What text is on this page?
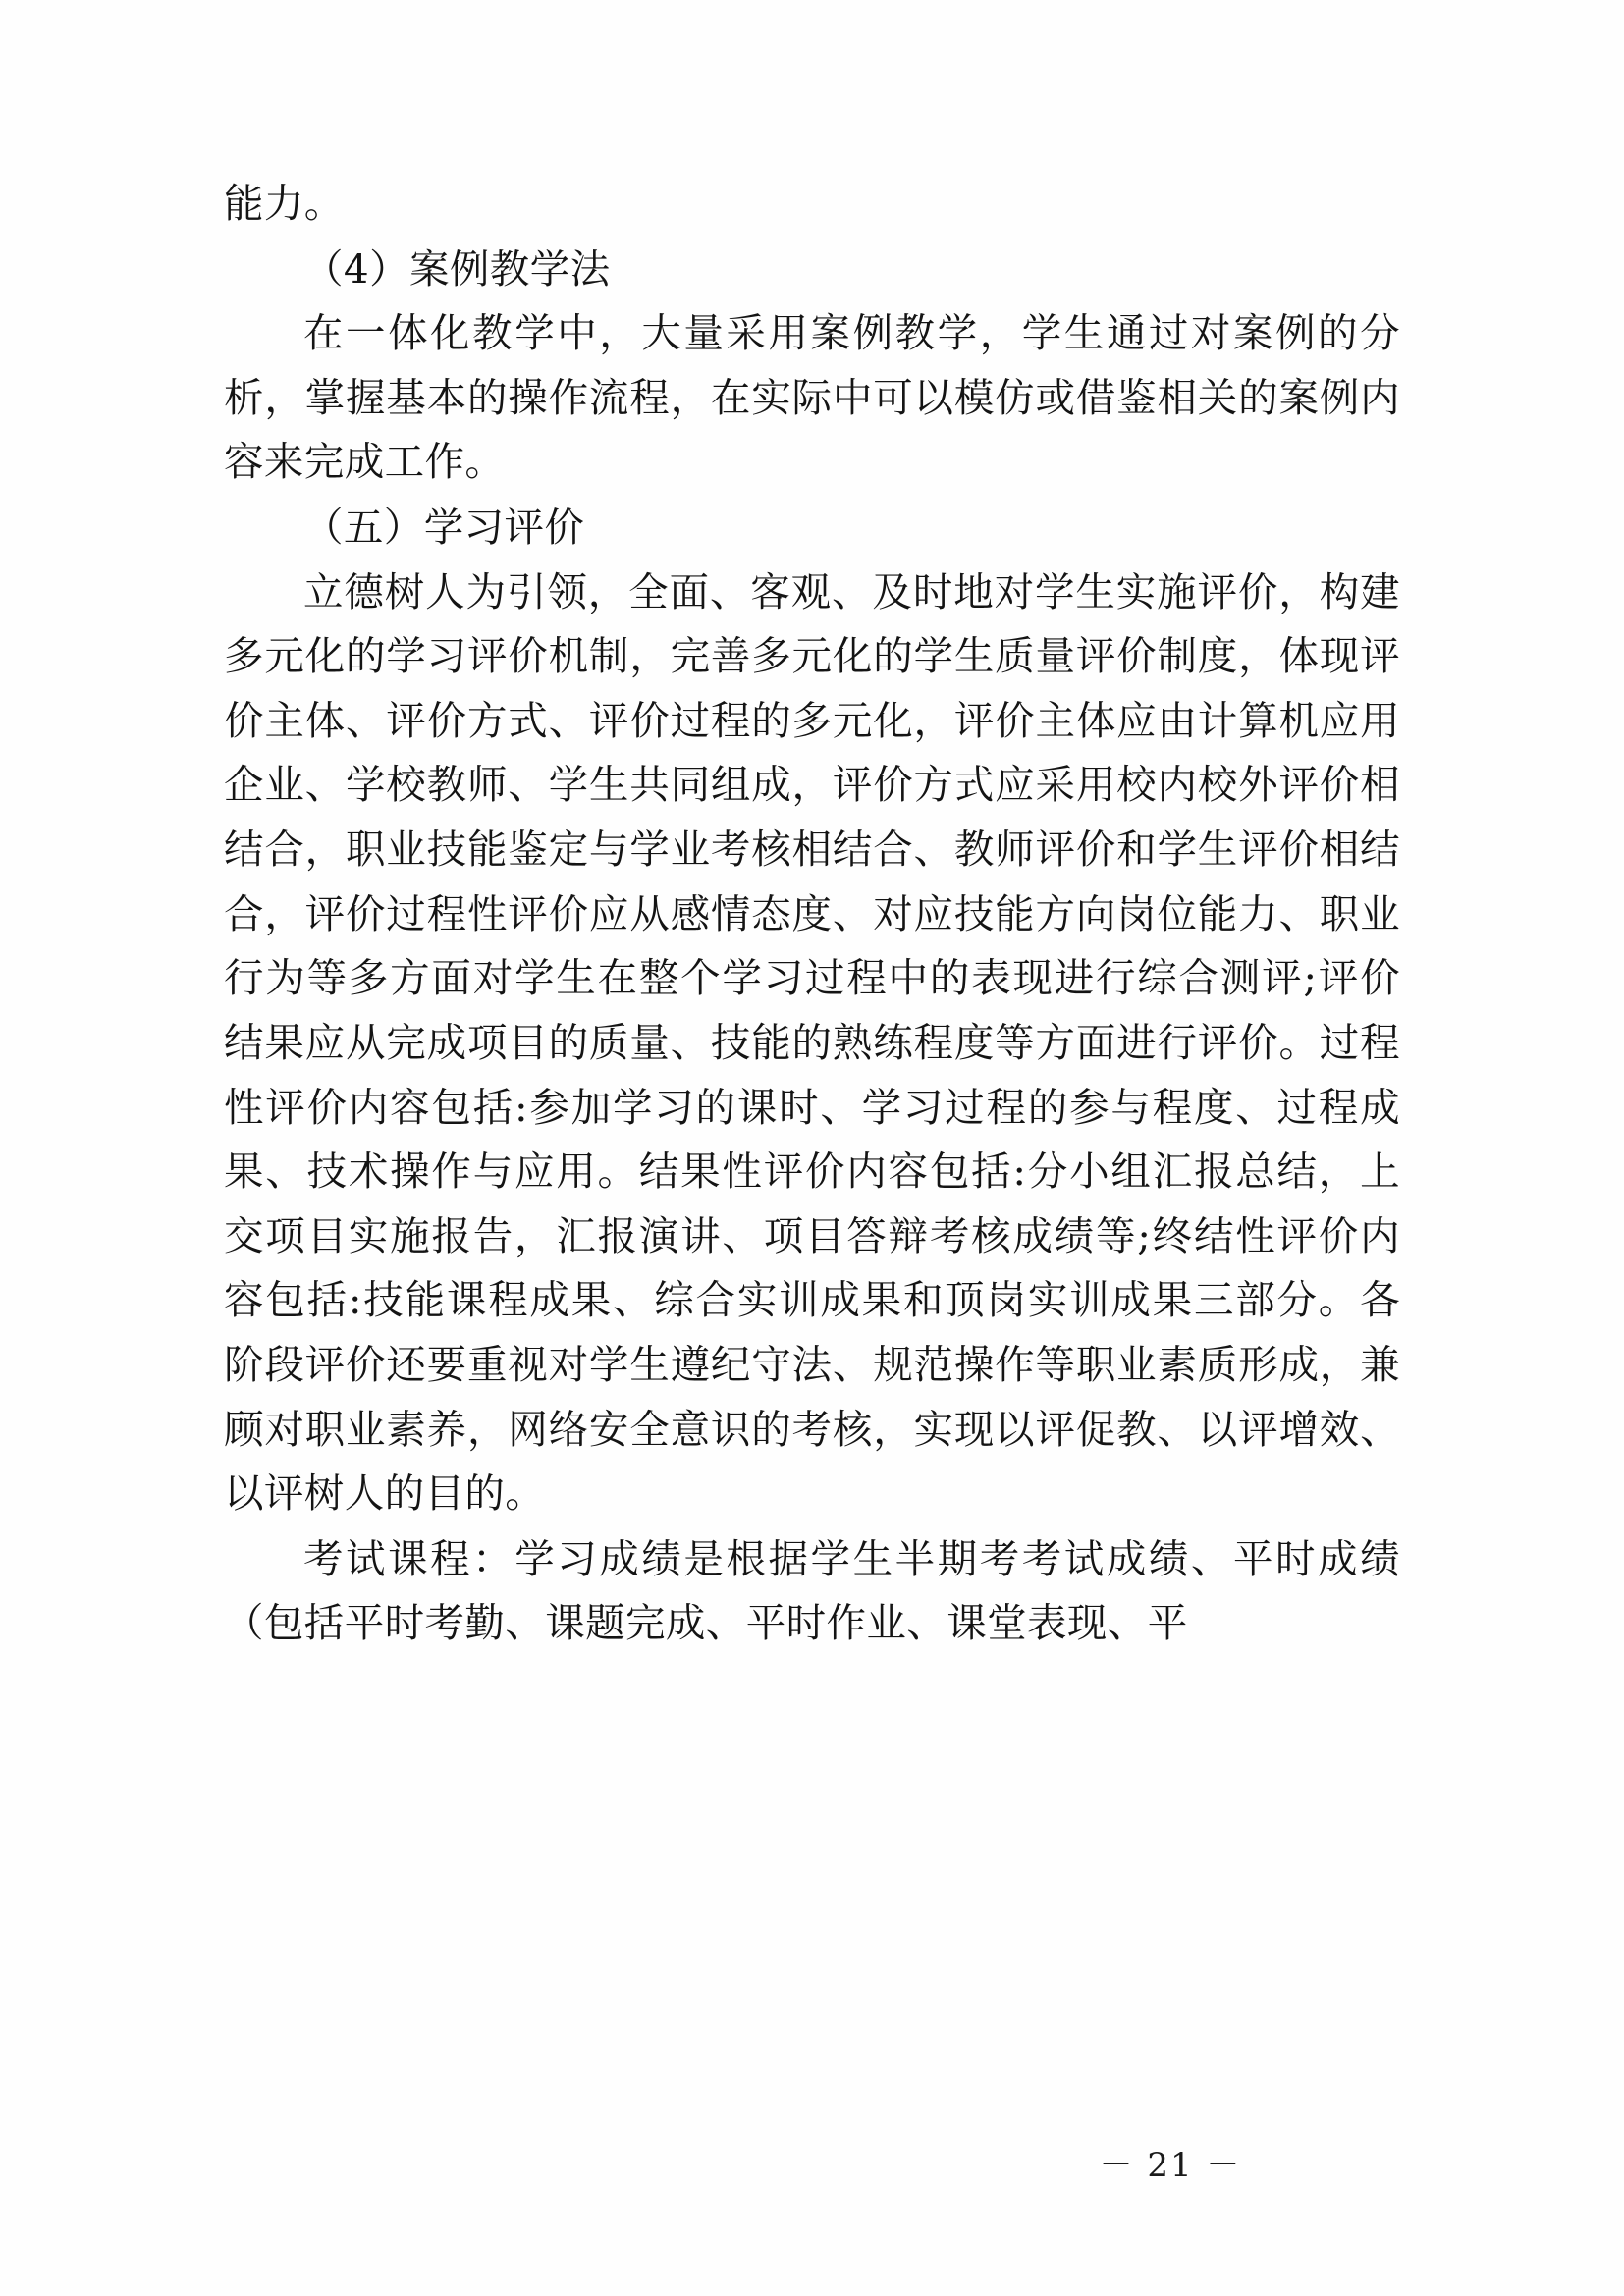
能力。

（4）案例教学法

在一体化教学中，大量采用案例教学，学生通过对案例的分析，掌握基本的操作流程，在实际中可以模仿或借鉴相关的案例内容来完成工作。

（五）学习评价

立德树人为引领，全面、客观、及时地对学生实施评价，构建多元化的学习评价机制，完善多元化的学生质量评价制度，体现评价主体、评价方式、评价过程的多元化，评价主体应由计算机应用企业、学校教师、学生共同组成，评价方式应采用校内校外评价相结合，职业技能鉴定与学业考核相结合、教师评价和学生评价相结合，评价过程性评价应从感情态度、对应技能方向岗位能力、职业行为等多方面对学生在整个学习过程中的表现进行综合测评;评价结果应从完成项目的质量、技能的熟练程度等方面进行评价。过程性评价内容包括:参加学习的课时、学习过程的参与程度、过程成果、技术操作与应用。结果性评价内容包括:分小组汇报总结，上交项目实施报告，汇报演讲、项目答辩考核成绩等;终结性评价内容包括:技能课程成果、综合实训成果和顶岗实训成果三部分。各阶段评价还要重视对学生遵纪守法、规范操作等职业素质形成，兼顾对职业素养，网络安全意识的考核，实现以评促教、以评增效、以评树人的目的。

考试课程：学习成绩是根据学生半期考考试成绩、平时成绩（包括平时考勤、课题完成、平时作业、课堂表现、平

－ 21 －
